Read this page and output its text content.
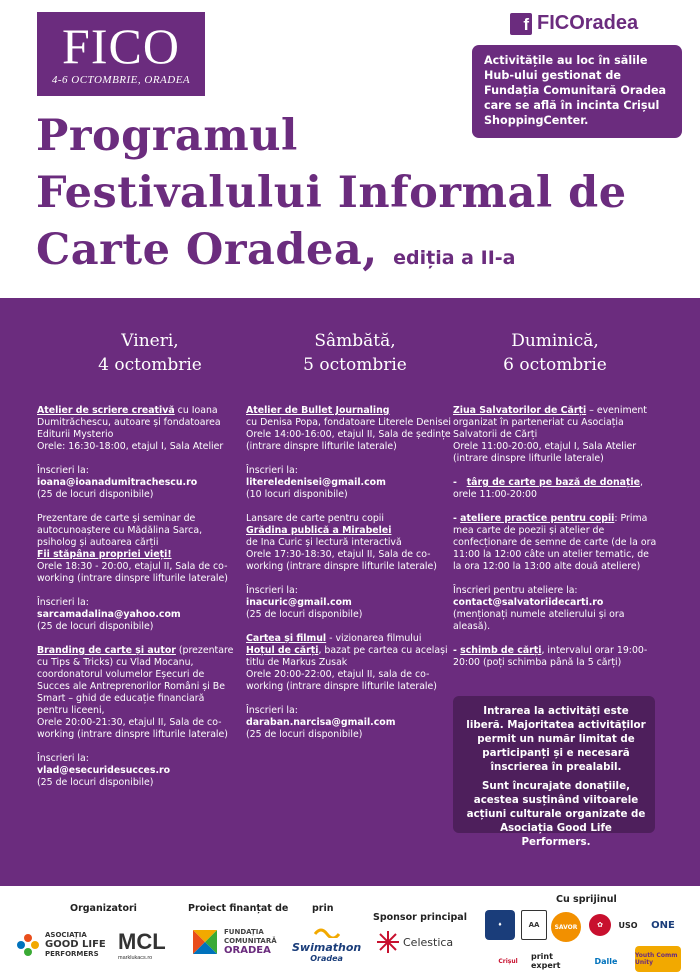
FICO
4-6 OCTOMBRIE, ORADEA
f FICOradea
Activitățile au loc în sălile Hub-ului gestionat de Fundația Comunitară Oradea care se află în incinta Crișul ShoppingCenter.
Programul
Festivalului Informal de
Carte Oradea, ediția a II-a
Vineri,
4 octombrie
Sâmbătă,
5 octombrie
Duminică,
6 octombrie

Atelier de scriere creativă cu Ioana Dumitrăchescu, autoare și fondatoarea Editurii Mysterio
Orele: 16:30-18:00, etajul I, Sala Atelier

Înscrieri la:
ioana@ioanadumitrachescu.ro
(25 de locuri disponibile)

Prezentare de carte și seminar de autocunoaștere cu Mădălina Sarca, psiholog și autoarea cărții
Fii stăpâna propriei vieți!
Orele 18:30 - 20:00, etajul II, Sala de co-working (intrare dinspre lifturile laterale)

Înscrieri la:
sarcamadalina@yahoo.com
(25 de locuri disponibile)

Branding de carte și autor (prezentare cu Tips & Tricks) cu Vlad Mocanu, coordonatorul volumelor Eșecuri de Succes ale Antreprenorilor Români și Be Smart – ghid de educație financiară pentru liceeni,
Orele 20:00-21:30, etajul II, Sala de co-working (intrare dinspre lifturile laterale)

Înscrieri la:
vlad@esecuridesucces.ro
(25 de locuri disponibile)

Atelier de Bullet Journaling
cu Denisa Popa, fondatoare Literele Denisei
Orele 14:00-16:00, etajul II, Sala de ședințe (intrare dinspre lifturile laterale)

Înscrieri la:
litereledenisei@gmail.com
(10 locuri disponibile)

Lansare de carte pentru copii
Grădina publică a Mirabelei
de Ina Curic și lectură interactivă
Orele 17:30-18:30, etajul II, Sala de co-working (intrare dinspre lifturile laterale)

Înscrieri la:
inacuric@gmail.com
(25 de locuri disponibile)

Cartea și filmul - vizionarea filmului
Hoțul de cărți, bazat pe cartea cu același titlu de Markus Zusak
Orele 20:00-22:00, etajul II, sala de co-working (intrare dinspre lifturile laterale)

Înscrieri la:
daraban.narcisa@gmail.com
(25 de locuri disponibile)

Ziua Salvatorilor de Cărți – eveniment organizat în parteneriat cu Asociația Salvatorii de Cărți
Orele 11:00-20:00, etajul I, Sala Atelier (intrare dinspre lifturile laterale)

-   târg de carte pe bază de donație, orele 11:00-20:00

- ateliere practice pentru copii: Prima mea carte de poezii și atelier de confecționare de semne de carte (de la ora 11:00 la 12:00 câte un atelier tematic, de la ora 12:00 la 13:00 alte două ateliere)

Înscrieri pentru ateliere la:
contact@salvatoriidecarti.ro
(menționați numele atelierului și ora aleasă).

- schimb de cărți, intervalul orar 19:00-20:00 (poți schimba până la 5 cărți)

Intrarea la activități este liberă. Majoritatea activităților permit un număr limitat de participanți și e necesară înscrierea în prealabil.

Sunt încurajate donațiile, acestea susținând viitoarele acțiuni culturale organizate de Asociația Good Life Performers.

Organizatori	Proiect finanțat de prin
Sponsor principal
Cu sprijinul
ASOCIAȚIA
GOOD LIFE
PERFORMERS MCL
marklukacs.ro
FUNDAȚIA
COMUNITARĂ
ORADEA	Swimathon
Oradea
Celestica
♦	AA	SAVOR	✿	USO	ONE
Crișul	print expert	Dalle
Youth Comm Unity
